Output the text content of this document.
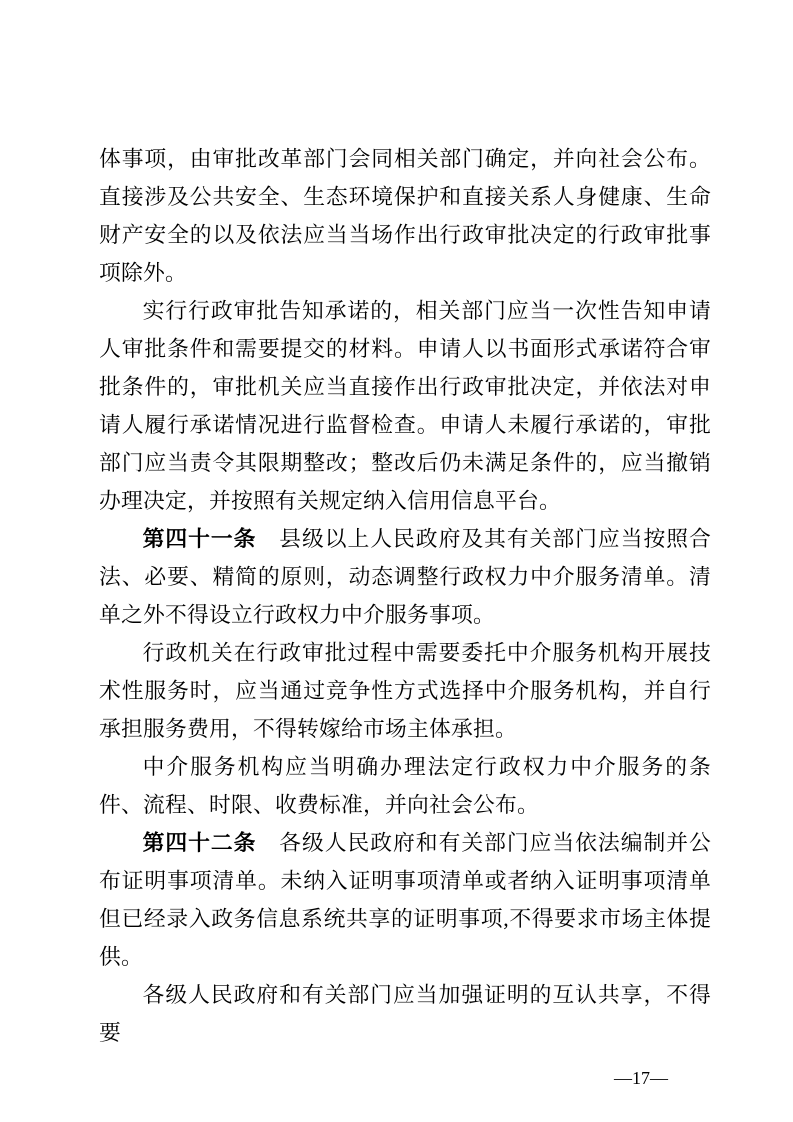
体事项，由审批改革部门会同相关部门确定，并向社会公布。直接涉及公共安全、生态环境保护和直接关系人身健康、生命财产安全的以及依法应当当场作出行政审批决定的行政审批事项除外。

实行行政审批告知承诺的，相关部门应当一次性告知申请人审批条件和需要提交的材料。申请人以书面形式承诺符合审批条件的，审批机关应当直接作出行政审批决定，并依法对申请人履行承诺情况进行监督检查。申请人未履行承诺的，审批部门应当责令其限期整改；整改后仍未满足条件的，应当撤销办理决定，并按照有关规定纳入信用信息平台。

第四十一条　县级以上人民政府及其有关部门应当按照合法、必要、精简的原则，动态调整行政权力中介服务清单。清单之外不得设立行政权力中介服务事项。

行政机关在行政审批过程中需要委托中介服务机构开展技术性服务时，应当通过竞争性方式选择中介服务机构，并自行承担服务费用，不得转嫁给市场主体承担。

中介服务机构应当明确办理法定行政权力中介服务的条件、流程、时限、收费标准，并向社会公布。

第四十二条　各级人民政府和有关部门应当依法编制并公布证明事项清单。未纳入证明事项清单或者纳入证明事项清单但已经录入政务信息系统共享的证明事项,不得要求市场主体提供。

各级人民政府和有关部门应当加强证明的互认共享，不得要

—17—
